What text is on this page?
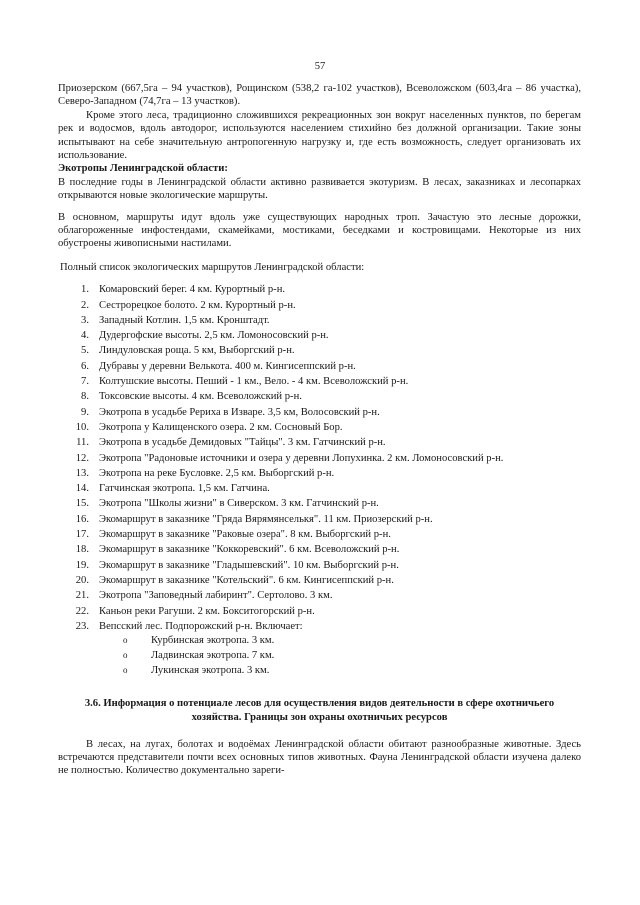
57

Приозерском (667,5га – 94 участков), Рощинском (538,2 га-102 участков), Всеволожском (603,4га – 86 участка), Северо-Западном (74,7га – 13 участков).

Кроме этого леса, традиционно сложившихся рекреационных зон вокруг населенных пунктов, по берегам рек и водосмов, вдоль автодорог, используются населением стихийно без должной организации. Такие зоны испытывают на себе значительную антропогенную нагрузку и, где есть возможность, следует организовать их использование.

Экотропы Ленинградской области:

В последние годы в Ленинградской области активно развивается экотуризм. В лесах, заказниках и лесопарках открываются новые экологические маршруты.

В основном, маршруты идут вдоль уже существующих народных троп. Зачастую это лесные дорожки, облагороженные инфостендами, скамейками, мостиками, беседками и кострoвищами. Некоторые из них обустроены живописными настилами.

Полный список экологических маршрутов Ленинградской области:

1. Комаровский берег. 4 км. Курортный р-н.
2. Сестрорецкое болото. 2 км. Курортный р-н.
3. Западный Котлин. 1,5 км. Кронштадт.
4. Дудергофские высоты. 2,5 км. Ломоносовский р-н.
5. Линдуловская роща. 5 км, Выборгский р-н.
6. Дубравы у деревни Велькота. 400 м. Кингисеппский р-н.
7. Колтушские высоты. Пеший - 1 км., Вело. - 4 км. Всеволожский р-н.
8. Токсовские высоты. 4 км. Всеволожский р-н.
9. Экотропа в усадьбе Рериха в Изваре. 3,5 км, Волосовский р-н.
10. Экотропа у Калищенского озера. 2 км. Сосновый Бор.
11. Экотропа в усадьбе Демидовых "Тайцы". 3 км. Гатчинский р-н.
12. Экотропа "Радоновые источники и озера у деревни Лопухинка. 2 км. Ломоносовский р-н.
13. Экотропа на реке Бусловке. 2,5 км. Выборгский р-н.
14. Гатчинская экотропа. 1,5 км. Гатчина.
15. Экотропа "Школы жизни" в Сиверском. 3 км. Гатчинский р-н.
16. Экомаршрут в заказнике "Гряда Вярямянселькя". 11 км. Приозерский р-н.
17. Экомаршрут в заказнике "Раковые озера". 8 км. Выборгский р-н.
18. Экомаршрут в заказнике "Коккоревский". 6 км. Всеволожский р-н.
19. Экомаршрут в заказнике "Гладышевский". 10 км. Выборгский р-н.
20. Экомаршрут в заказнике "Котельский". 6 км. Кингисеппский р-н.
21. Экотропа "Заповедный лабиринт". Сертолово. 3 км.
22. Каньон реки Рагуши. 2 км. Бокситогорский р-н.
23. Вепсский лес. Подпорожский р-н. Включает:
o Курбинская экотропа. 3 км.
o Ладвинская экотропа. 7 км.
o Лукинская экотропа. 3 км.

3.6. Информация о потенциале лесов для осуществления видов деятельности в сфере охотничьего хозяйства. Границы зон охраны охотничьих ресурсов

В лесах, на лугах, болотах и водоёмах Ленинградской области обитают разнообразные животные. Здесь встречаются представители почти всех основных типов животных. Фауна Ленинградской области изучена далеко не полностью. Количество документально зареги-
